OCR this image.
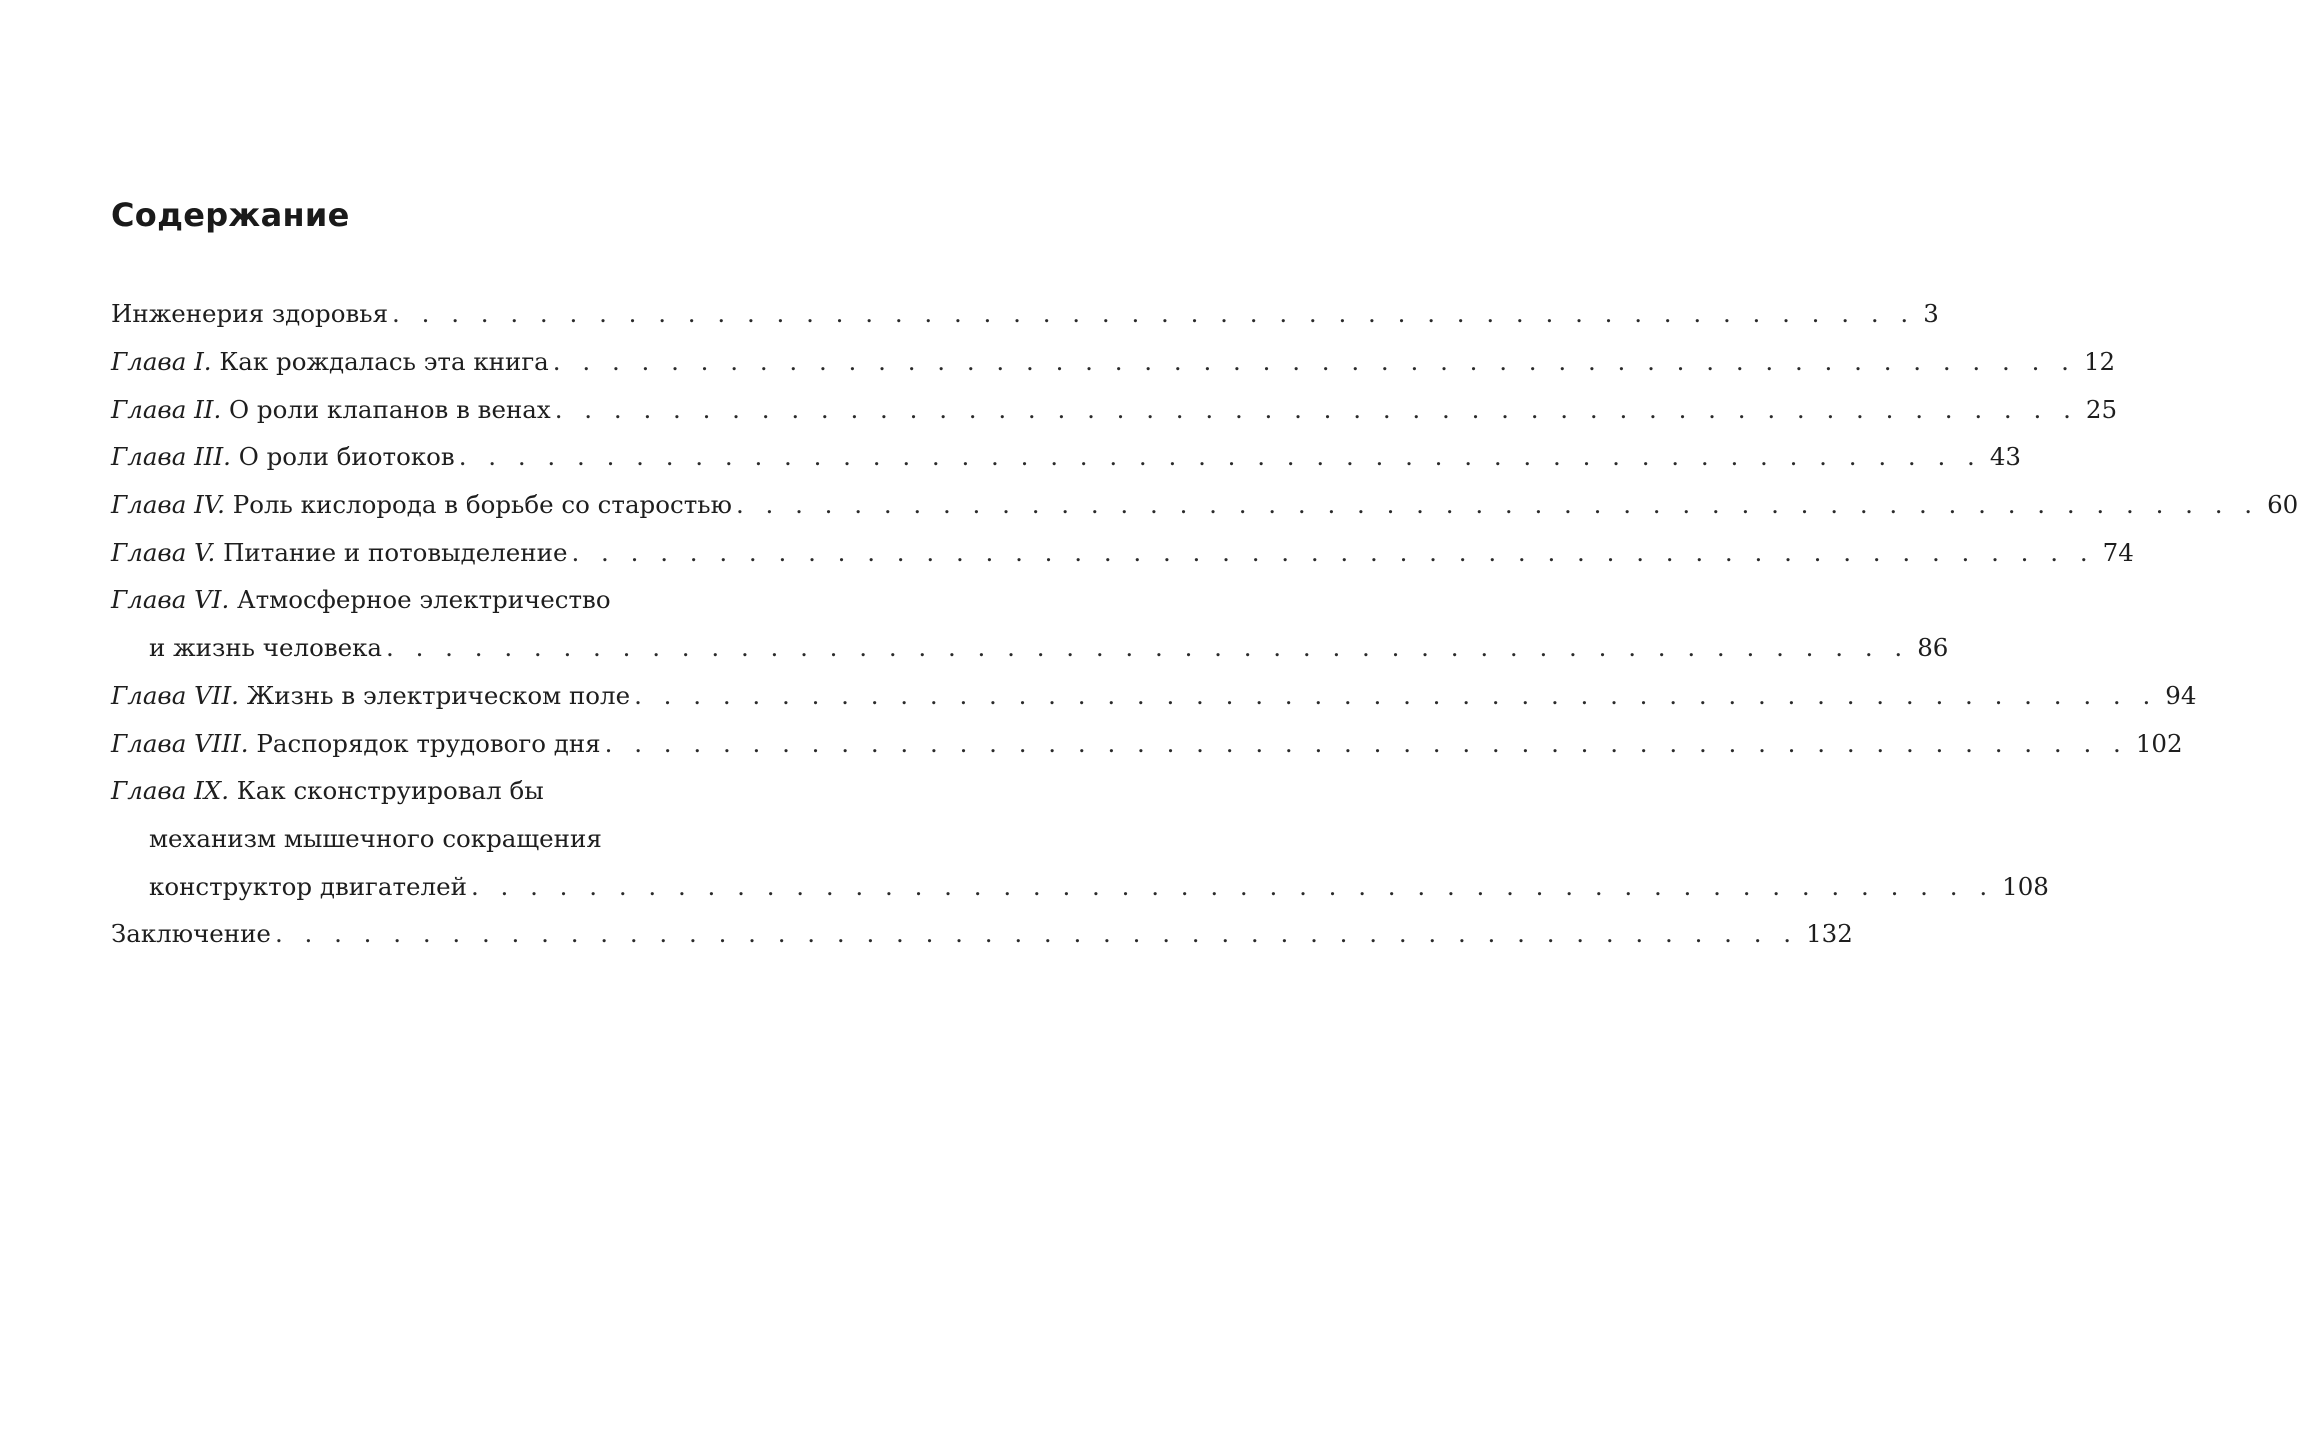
Содержание
Инженерия здоровья . . . . . . . . . . . . . . . . . . . . . . . . . . . . . . . . . . . . . . . . . . . . . . . . . . . . 3
Глава I. Как рождалась эта книга . . . . . . . . . . . . . . . . . . . . . . . . . . . . . . . . . . . . . . . . . . . . . . . . . . . . 12
Глава II. О роли клапанов в венах . . . . . . . . . . . . . . . . . . . . . . . . . . . . . . . . . . . . . . . . . . . . . . . . . . . . 25
Глава III. О роли биотоков . . . . . . . . . . . . . . . . . . . . . . . . . . . . . . . . . . . . . . . . . . . . . . . . . . . . 43
Глава IV. Роль кислорода в борьбе со старостью . . . . . . . . . . . . . . . . . . . . . . . . . . . . . . . . . . . . . . . . . . . . . . . . . . . . 60
Глава V. Питание и потовыделение . . . . . . . . . . . . . . . . . . . . . . . . . . . . . . . . . . . . . . . . . . . . . . . . . . . . 74
Глава VI. Атмосферное электричество
и жизнь человека . . . . . . . . . . . . . . . . . . . . . . . . . . . . . . . . . . . . . . . . . . . . . . . . . . . . 86
Глава VII. Жизнь в электрическом поле . . . . . . . . . . . . . . . . . . . . . . . . . . . . . . . . . . . . . . . . . . . . . . . . . . . . 94
Глава VIII. Распорядок трудового дня . . . . . . . . . . . . . . . . . . . . . . . . . . . . . . . . . . . . . . . . . . . . . . . . . . . . 102
Глава IX. Как сконструировал бы
механизм мышечного сокращения
конструктор двигателей . . . . . . . . . . . . . . . . . . . . . . . . . . . . . . . . . . . . . . . . . . . . . . . . . . . . 108
Заключение . . . . . . . . . . . . . . . . . . . . . . . . . . . . . . . . . . . . . . . . . . . . . . . . . . . . 132
